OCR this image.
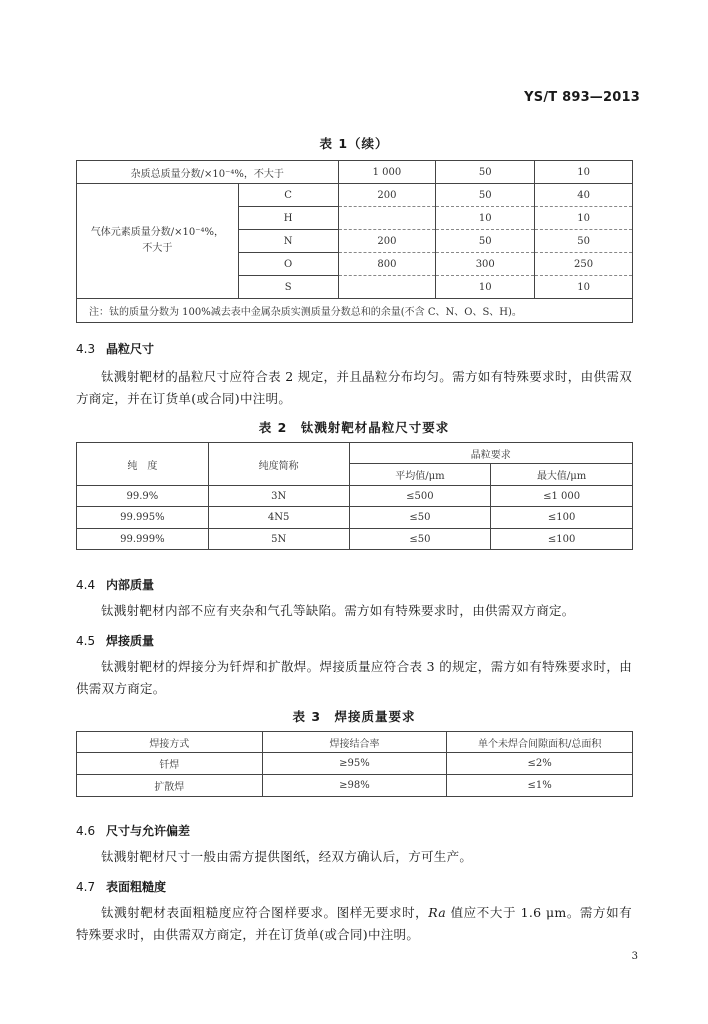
YS/T 893—2013
表 1（续）
杂质总质量分数/×10⁻⁴%，不大于		1 000	50	10
气体元素质量分数/×10⁻⁴%，
不大于	C	200	50	40
	H		10	10
	N	200	50	50
	O	800	300	250
	S		10	10
注：钛的质量分数为 100%减去表中金属杂质实测质量分数总和的余量(不含 C、N、O、S、H)。				
4.3 晶粒尺寸
钛溅射靶材的晶粒尺寸应符合表 2 规定，并且晶粒分布均匀。需方如有特殊要求时，由供需双方商定，并在订货单(或合同)中注明。
表 2　钛溅射靶材晶粒尺寸要求
纯　度	纯度简称	晶粒要求	
		平均值/μm	最大值/μm
99.9%	3N	≤500	≤1 000
99.995%	4N5	≤50	≤100
99.999%	5N	≤50	≤100
4.4 内部质量
钛溅射靶材内部不应有夹杂和气孔等缺陷。需方如有特殊要求时，由供需双方商定。
4.5 焊接质量
钛溅射靶材的焊接分为钎焊和扩散焊。焊接质量应符合表 3 的规定，需方如有特殊要求时，由供需双方商定。
表 3　焊接质量要求
焊接方式	焊接结合率	单个未焊合间隙面积/总面积
钎焊	≥95%	≤2%
扩散焊	≥98%	≤1%
4.6 尺寸与允许偏差
钛溅射靶材尺寸一般由需方提供图纸，经双方确认后，方可生产。
4.7 表面粗糙度
钛溅射靶材表面粗糙度应符合图样要求。图样无要求时，Ra 值应不大于 1.6 μm。需方如有特殊要求时，由供需双方商定，并在订货单(或合同)中注明。
3
